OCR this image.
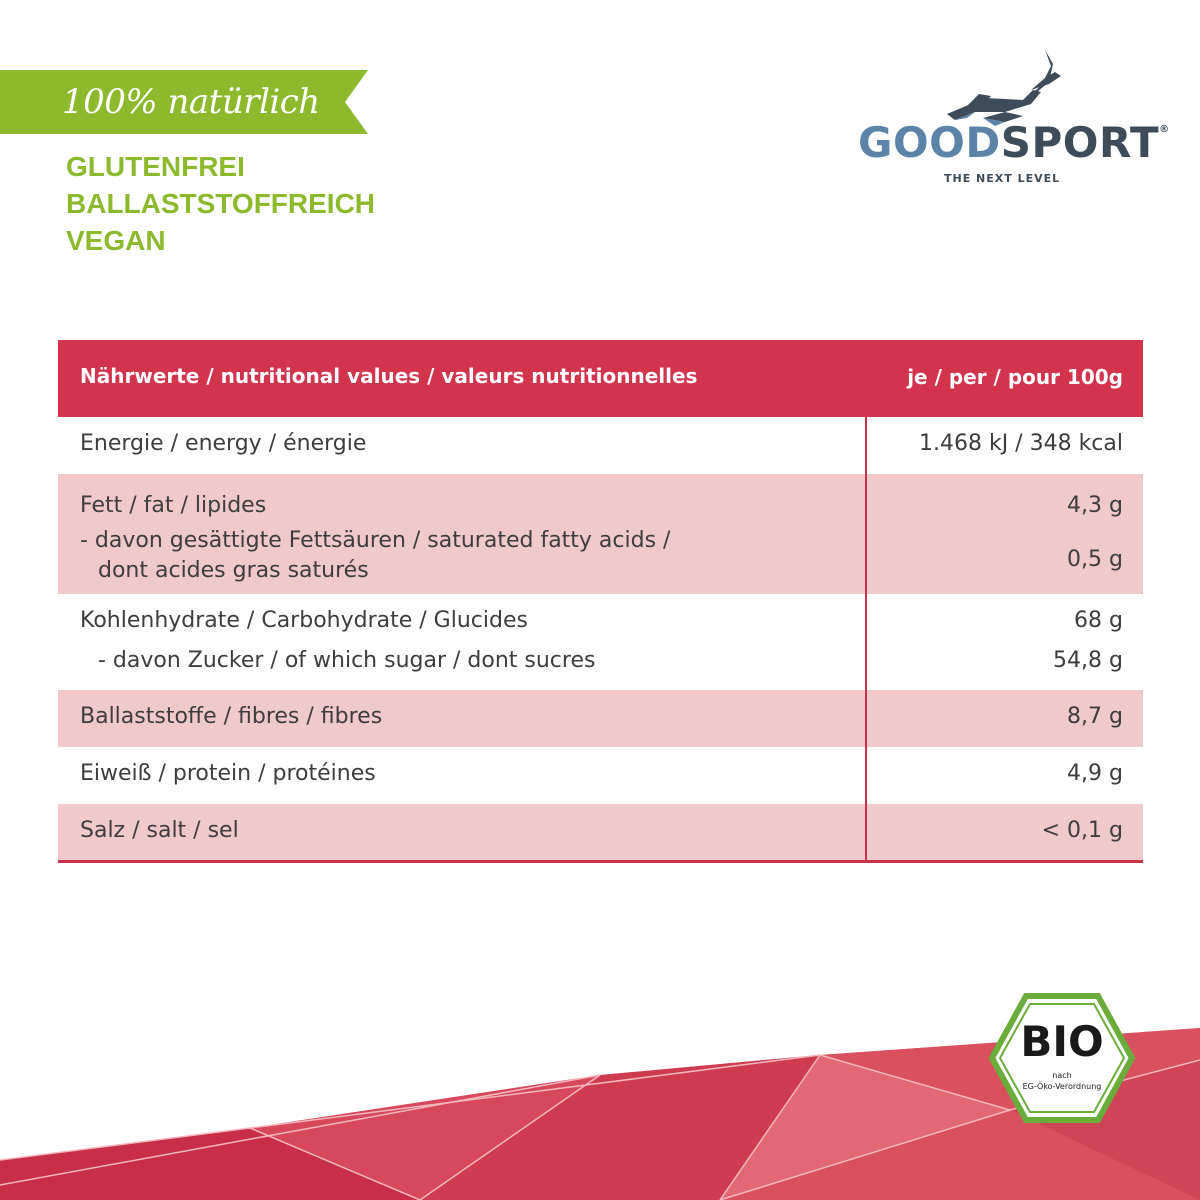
100% natürlich
GLUTENFREI
BALLASTSTOFFREICH
VEGAN
GOODSPORT®
THE NEXT LEVEL
Nährwerte / nutritional values / valeurs nutritionnelles	je / per / pour 100g
Energie / energy / énergie	1.468 kJ / 348 kcal
Fett / fat / lipides	4,3 g
- davon gesättigte Fettsäuren / saturated fatty acids /
dont acides gras saturés	0,5 g
Kohlenhydrate / Carbohydrate / Glucides	68 g
- davon Zucker / of which sugar / dont sucres	54,8 g
Ballaststoffe / fibres / fibres	8,7 g
Eiweiß / protein / protéines	4,9 g
Salz / salt / sel	< 0,1 g
BIO
nach
EG-Öko-Verordnung
